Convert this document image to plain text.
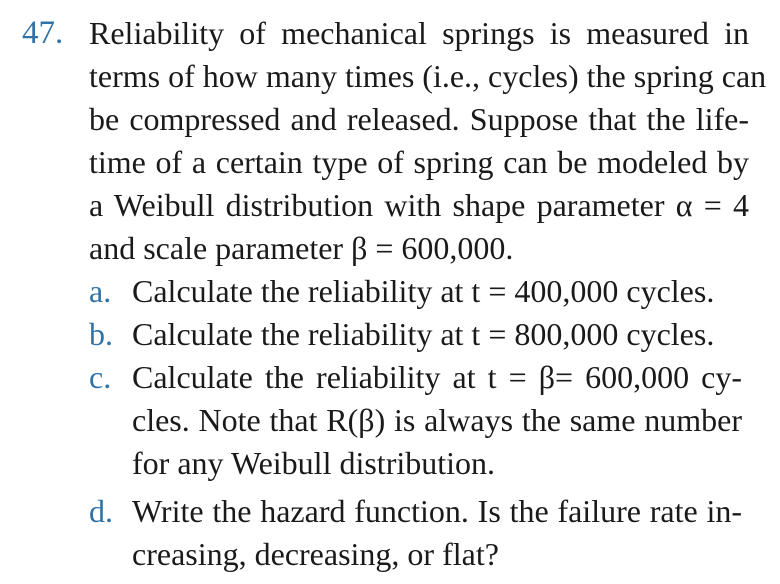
47. Reliability of mechanical springs is measured in
terms of how many times (i.e., cycles) the spring can
be compressed and released. Suppose that the life-
time of a certain type of spring can be modeled by
a Weibull distribution with shape parameter α = 4
and scale parameter β = 600,000.
a. Calculate the reliability at t = 400,000 cycles.
b. Calculate the reliability at t = 800,000 cycles.
c. Calculate the reliability at t = β= 600,000 cy-
cles. Note that R(β) is always the same number
for any Weibull distribution.
d. Write the hazard function. Is the failure rate in-
creasing, decreasing, or flat?
